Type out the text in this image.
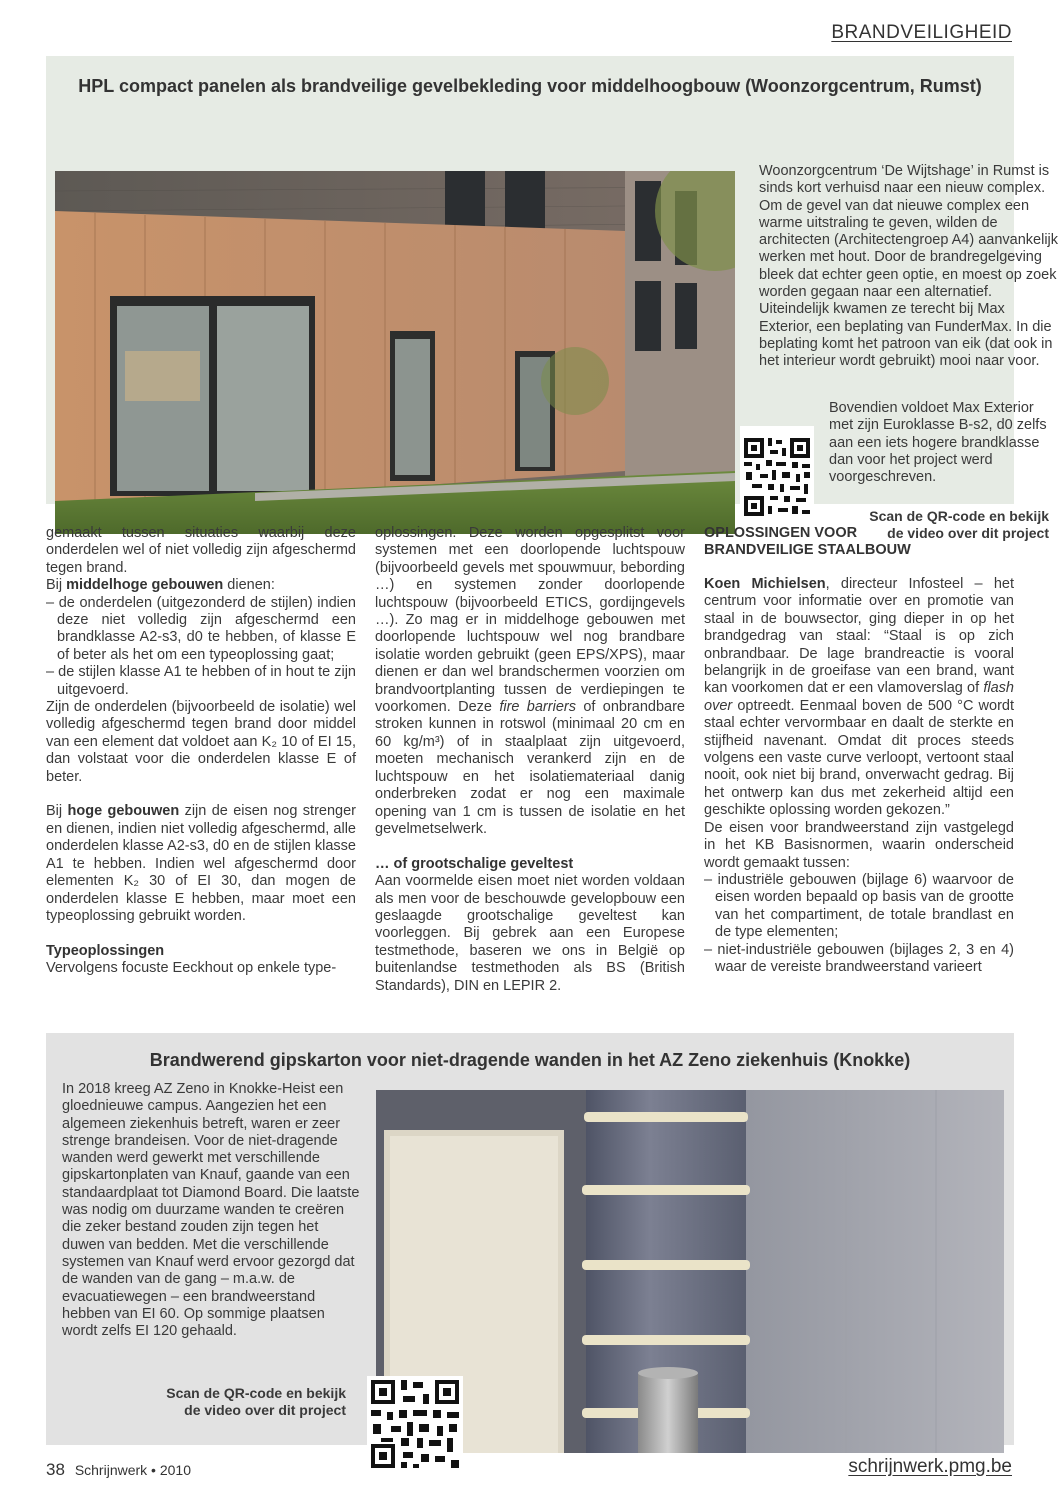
BRANDVEILIGHEID
HPL compact panelen als brandveilige gevelbekleding voor middelhoogbouw (Woonzorgcentrum, Rumst)
Woonzorgcentrum ‘De Wijtshage’ in Rumst is sinds kort verhuisd naar een nieuw complex. Om de gevel van dat nieuwe complex een warme uitstraling te geven, wilden de architecten (Architectengroep A4) aanvankelijk werken met hout. Door de brandregelgeving bleek dat echter geen optie, en moest op zoek worden gegaan naar een alternatief. Uiteindelijk kwamen ze terecht bij Max Exterior, een beplating van FunderMax. In die beplating komt het patroon van eik (dat ook in het interieur wordt gebruikt) mooi naar voor.
Bovendien voldoet Max Exterior met zijn Euroklasse B-s2, d0 zelfs aan een iets hogere brandklasse dan voor het project werd voorgeschreven.
Scan de QR-code en bekijk
de video over dit project

gemaakt tussen situaties waarbij deze onderdelen wel of niet volledig zijn afgeschermd tegen brand.

Bij middelhoge gebouwen dienen:

– de onderdelen (uitgezonderd de stijlen) indien deze niet volledig zijn afgeschermd een brandklasse A2-s3, d0 te hebben, of klasse E of beter als het om een typeoplossing gaat;

– de stijlen klasse A1 te hebben of in hout te zijn uitgevoerd.

Zijn de onderdelen (bijvoorbeeld de isolatie) wel volledig afgeschermd tegen brand door middel van een element dat voldoet aan K₂ 10 of EI 15, dan volstaat voor die onderdelen klasse E of beter.

Bij hoge gebouwen zijn de eisen nog strenger en dienen, indien niet volledig afgeschermd, alle onderdelen klasse A2-s3, d0 en de stijlen klasse A1 te hebben. Indien wel afgeschermd door elementen K₂ 30 of EI 30, dan mogen de onderdelen klasse E hebben, maar moet een typeoplossing gebruikt worden.

Typeoplossingen

Vervolgens focuste Eeckhout op enkele type-

oplossingen. Deze worden opgesplitst voor systemen met een doorlopende luchtspouw (bijvoorbeeld gevels met spouwmuur, bebording …) en systemen zonder doorlopende luchtspouw (bijvoorbeeld ETICS, gordijngevels …). Zo mag er in middelhoge gebouwen met doorlopende luchtspouw wel nog brandbare isolatie worden gebruikt (geen EPS/XPS), maar dienen er dan wel brandschermen voorzien om brandvoortplanting tussen de verdiepingen te voorkomen. Deze fire barriers of onbrandbare stroken kunnen in rotswol (minimaal 20 cm en 60 kg/m³) of in staalplaat zijn uitgevoerd, moeten mechanisch verankerd zijn en de luchtspouw en het isolatiemateriaal danig onderbreken zodat er nog een maximale opening van 1 cm is tussen de isolatie en het gevelmetselwerk.

… of grootschalige geveltest

Aan voormelde eisen moet niet worden voldaan als men voor de beschouwde gevelopbouw een geslaagde grootschalige geveltest kan voorleggen. Bij gebrek aan een Europese testmethode, baseren we ons in België op buitenlandse testmethoden als BS (British Standards), DIN en LEPIR 2.

OPLOSSINGEN VOOR
BRANDVEILIGE STAALBOUW

Koen Michielsen, directeur Infosteel – het centrum voor informatie over en promotie van staal in de bouwsector, ging dieper in op het brandgedrag van staal: “Staal is op zich onbrandbaar. De lage brandreactie is vooral belangrijk in de groeifase van een brand, want kan voorkomen dat er een vlamoverslag of flash over optreedt. Eenmaal boven de 500 °C wordt staal echter vervormbaar en daalt de sterkte en stijfheid navenant. Omdat dit proces steeds volgens een vaste curve verloopt, vertoont staal nooit, ook niet bij brand, onverwacht gedrag. Bij het ontwerp kan dus met zekerheid altijd een geschikte oplossing worden gekozen.”

De eisen voor brandweerstand zijn vastgelegd in het KB Basisnormen, waarin onderscheid wordt gemaakt tussen:

– industriële gebouwen (bijlage 6) waarvoor de eisen worden bepaald op basis van de grootte van het compartiment, de totale brandlast en de type elementen;

– niet-industriële gebouwen (bijlages 2, 3 en 4) waar de vereiste brandweerstand varieert

Brandwerend gipskarton voor niet-dragende wanden in het AZ Zeno ziekenhuis (Knokke)
In 2018 kreeg AZ Zeno in Knokke-Heist een gloednieuwe campus. Aangezien het een algemeen ziekenhuis betreft, waren er zeer strenge brandeisen. Voor de niet-dragende wanden werd gewerkt met verschillende gipskartonplaten van Knauf, gaande van een standaardplaat tot Diamond Board. Die laatste was nodig om duurzame wanden te creëren die zeker bestand zouden zijn tegen het duwen van bedden. Met die verschillende systemen van Knauf werd ervoor gezorgd dat de wanden van de gang – m.a.w. de evacuatiewegen – een brandweerstand hebben van EI 60. Op sommige plaatsen wordt zelfs EI 120 gehaald.
Scan de QR-code en bekijk
de video over dit project
38 Schrijnwerk • 2010	schrijnwerk.pmg.be
